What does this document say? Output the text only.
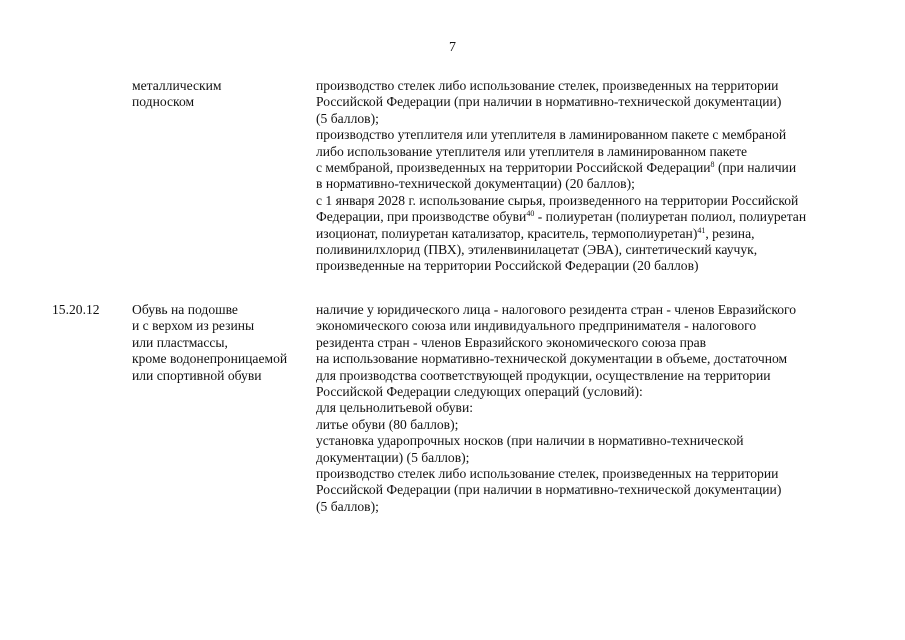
7
металлическим
подноском
производство стелек либо использование стелек, произведенных на территории
Российской Федерации (при наличии в нормативно-технической документации)
(5 баллов);
производство утеплителя или утеплителя в ламинированном пакете с мембраной
либо использование утеплителя или утеплителя в ламинированном пакете
с мембраной, произведенных на территории Российской Федерации$^8$ (при наличии
в нормативно-технической документации) (20 баллов);
с 1 января 2028 г. использование сырья, произведенного на территории Российской
Федерации, при производстве обуви$^{40}$ - полиуретан (полиуретан полиол, полиуретан
изоционат, полиуретан катализатор, краситель, термополиуретан)$^{41}$, резина,
поливинилхлорид (ПВХ), этиленвинилацетат (ЭВА), синтетический каучук,
произведенные на территории Российской Федерации (20 баллов)
15.20.12	Обувь на подошве
и с верхом из резины
или пластмассы,
кроме водонепроницаемой
или спортивной обуви
наличие у юридического лица - налогового резидента стран - членов Евразийского
экономического союза или индивидуального предпринимателя - налогового
резидента стран - членов Евразийского экономического союза прав
на использование нормативно-технической документации в объеме, достаточном
для производства соответствующей продукции, осуществление на территории
Российской Федерации следующих операций (условий):
для цельнолитьевой обуви:
литье обуви (80 баллов);
установка ударопрочных носков (при наличии в нормативно-технической
документации) (5 баллов);
производство стелек либо использование стелек, произведенных на территории
Российской Федерации (при наличии в нормативно-технической документации)
(5 баллов);
